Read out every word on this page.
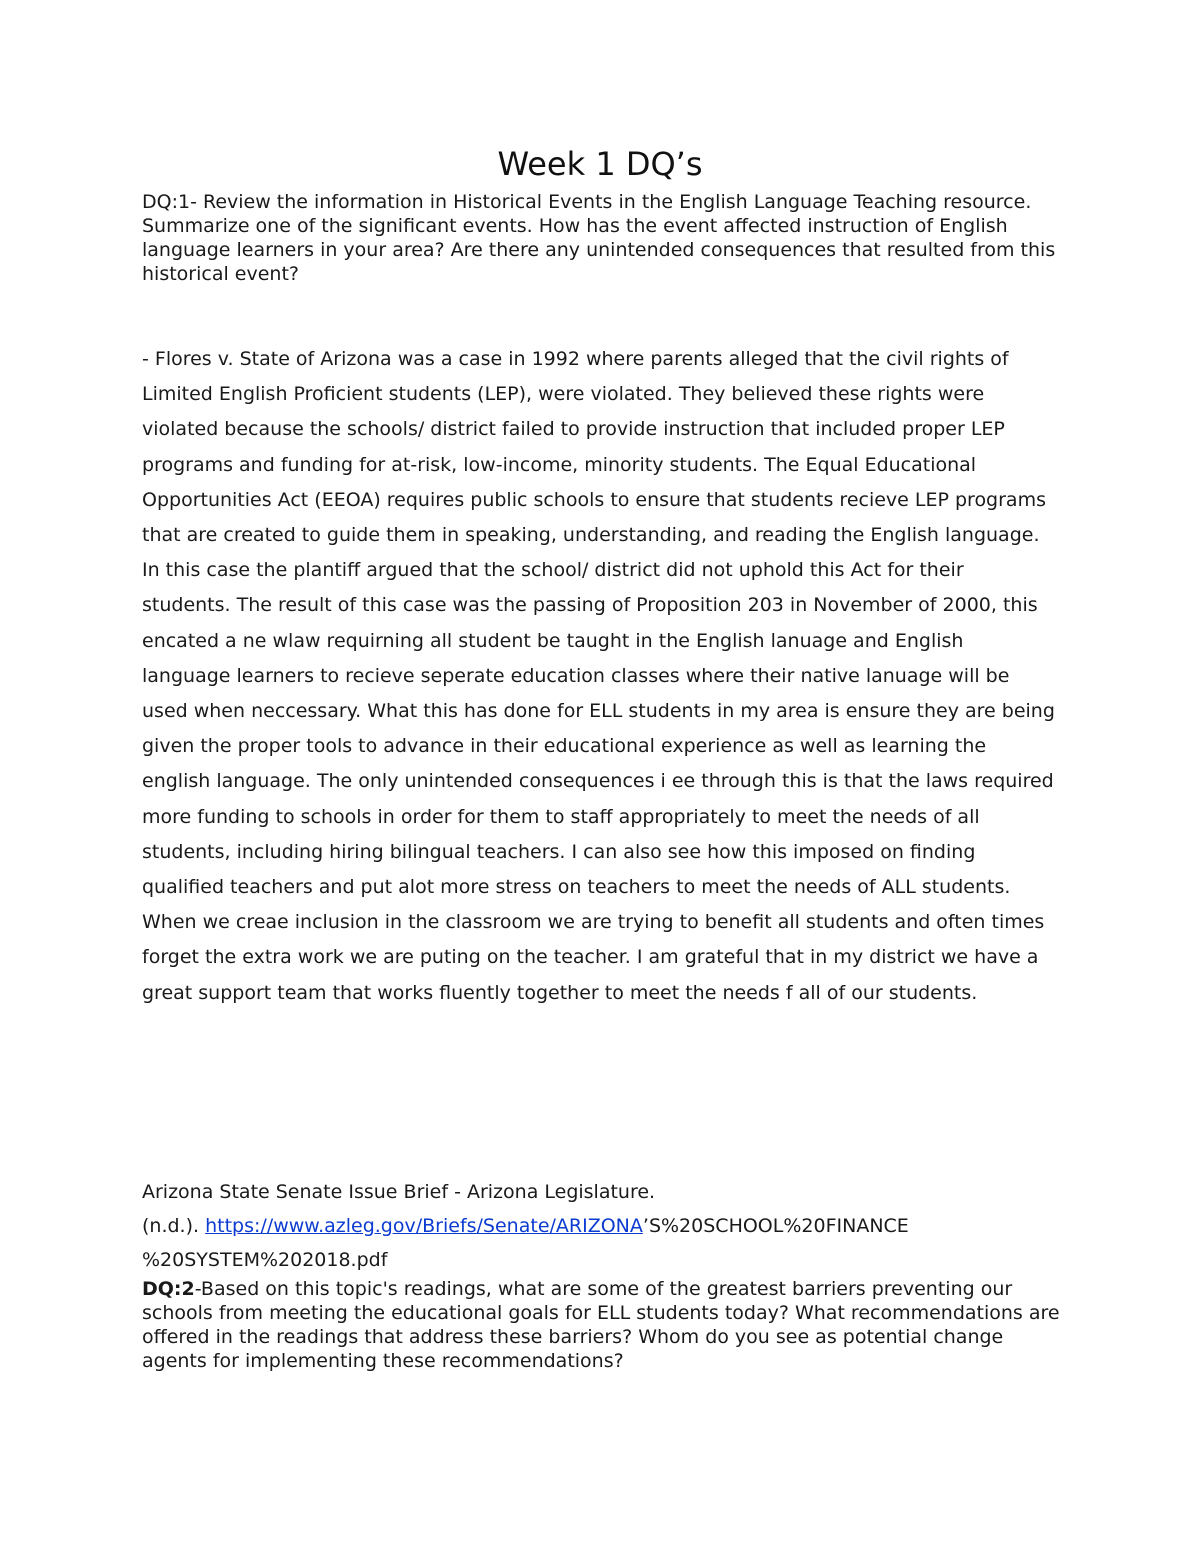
Week 1 DQ’s
DQ:1- Review the information in Historical Events in the English Language Teaching resource. Summarize one of the significant events. How has the event affected instruction of English language learners in your area? Are there any unintended consequences that resulted from this historical event?
- Flores v. State of Arizona was a case in 1992 where parents alleged that the civil rights of Limited English Proficient students (LEP), were violated. They believed these rights were violated because the schools/ district failed to provide instruction that included proper LEP programs and funding for at-risk, low-income, minority students. The Equal Educational Opportunities Act (EEOA) requires public schools to ensure that students recieve LEP programs that are created to guide them in speaking, understanding, and reading the English language. In this case the plantiff argued that the school/ district did not uphold this Act for their students. The result of this case was the passing of Proposition 203 in November of 2000, this encated a ne wlaw requirning all student be taught in the English lanuage and English language learners to recieve seperate education classes where their native lanuage will be used when neccessary. What this has done for ELL students in my area is ensure they are being given the proper tools to advance in their educational experience as well as learning the english language. The only unintended consequences i ee through this is that the laws required more funding to schools in order for them to staff appropriately to meet the needs of all students, including hiring bilingual teachers. I can also see how this imposed on finding qualified teachers and put alot more stress on teachers to meet the needs of ALL students. When we creae inclusion in the classroom we are trying to benefit all students and often times forget the extra work we are puting on the teacher. I am grateful that in my district we have a great support team that works fluently together to meet the needs f all of our students.
Arizona State Senate Issue Brief - Arizona Legislature.
(n.d.). https://www.azleg.gov/Briefs/Senate/ARIZONA’S%20SCHOOL%20FINANCE
%20SYSTEM%202018.pdf
DQ:2-Based on this topic's readings, what are some of the greatest barriers preventing our schools from meeting the educational goals for ELL students today? What recommendations are offered in the readings that address these barriers? Whom do you see as potential change agents for implementing these recommendations?
